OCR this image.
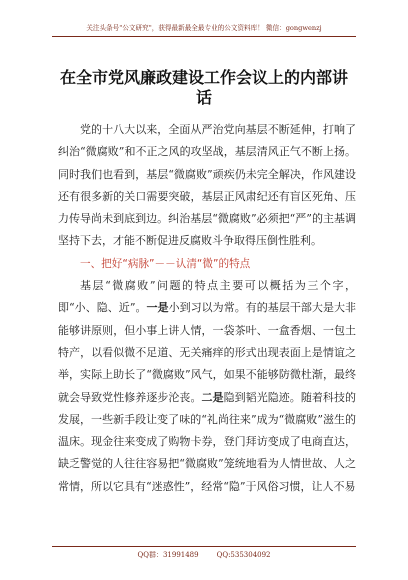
关注头条号"公文研究"，获得最新最全最专业的公文资料库！ 微信：gongwenzj
在全市党风廉政建设工作会议上的内部讲话

党的十八大以来，全面从严治党向基层不断延伸，打响了纠治“微腐败”和不正之风的攻坚战，基层清风正气不断上扬。同时我们也看到，基层“微腐败”顽疾仍未完全解决，作风建设还有很多新的关口需要突破，基层正风肃纪还有盲区死角、压力传导尚未到底到边。纠治基层“微腐败”必须把“严”的主基调坚持下去，才能不断促进反腐败斗争取得压倒性胜利。

一、把好“病脉”－－认清“微”的特点

基层“微腐败”问题的特点主要可以概括为三个字，即“小、隐、近”。一是小到习以为常。有的基层干部大是大非能够讲原则，但小事上讲人情，一袋茶叶、一盒香烟、一包土特产，以看似微不足道、无关痛痒的形式出现表面上是情谊之举，实际上助长了“微腐败”风气，如果不能够防微杜渐，最终就会导致党性修养逐步沦丧。二是隐到韬光隐迹。随着科技的发展，一些新手段让变了味的“礼尚往来”成为“微腐败”滋生的温床。现金往来变成了购物卡券，登门拜访变成了电商直达，缺乏警觉的人往往容易把“微腐败”笼统地看为人情世故、人之常情，所以它具有“迷惑性”，经常“隐”于风俗习惯，让人不易

QQ群：31991489	QQ:535304092
